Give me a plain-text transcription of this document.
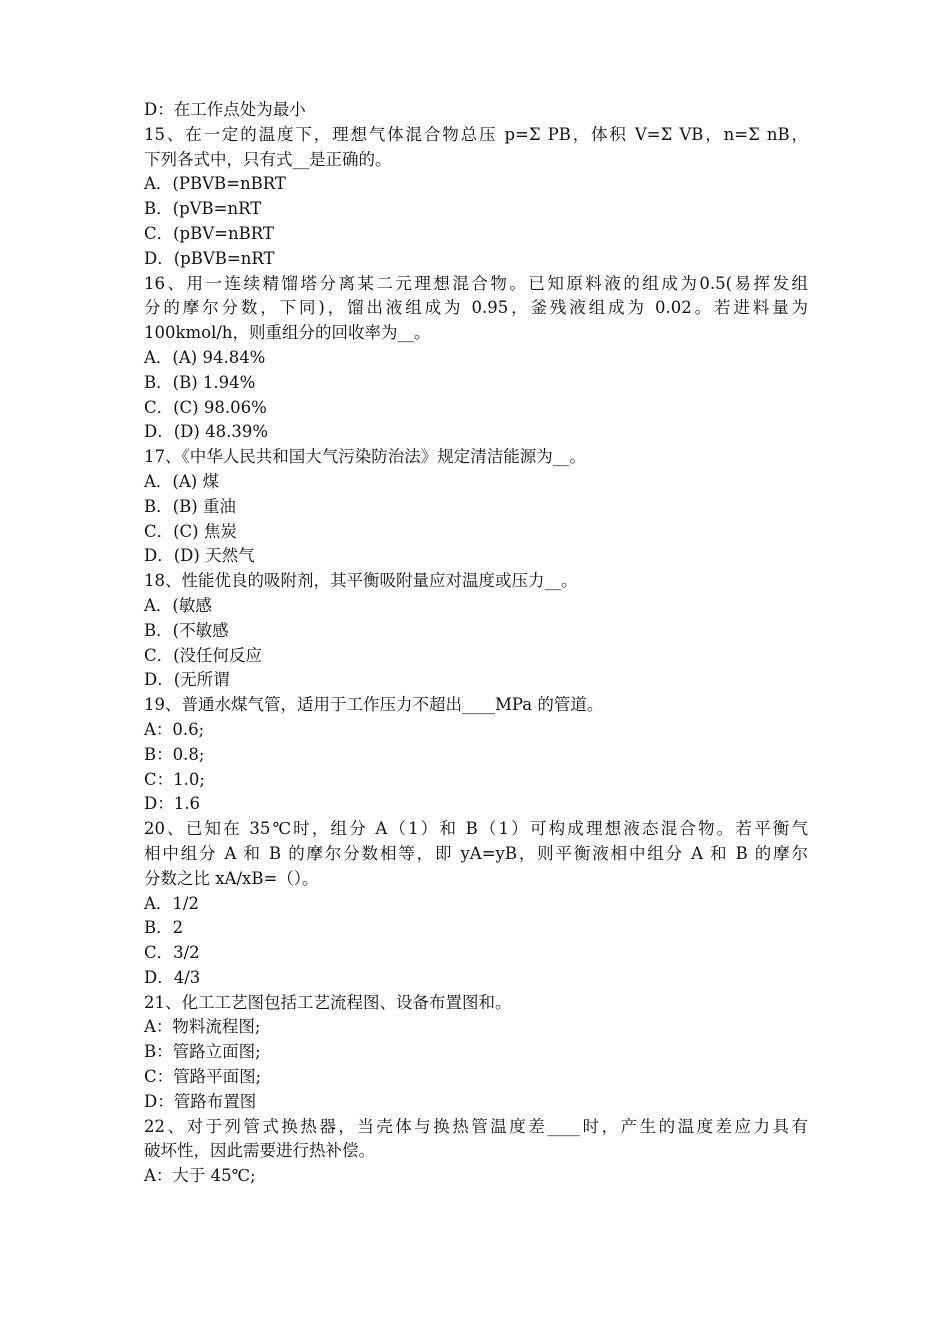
D：在工作点处为最小
15、在一定的温度下，理想气体混合物总压 p=Σ PB，体积 V=Σ VB，n=Σ nB，
下列各式中，只有式__是正确的。
A．(PBVB=nBRT
B．(pVB=nRT
C．(pBV=nBRT
D．(pBVB=nRT
16、用一连续精馏塔分离某二元理想混合物。已知原料液的组成为0.5(易挥发组
分的摩尔分数，下同)，馏出液组成为 0.95，釜残液组成为 0.02。若进料量为
100kmol/h，则重组分的回收率为__。
A．(A) 94.84%
B．(B) 1.94%
C．(C) 98.06%
D．(D) 48.39%
17、《中华人民共和国大气污染防治法》规定清洁能源为__。
A．(A) 煤
B．(B) 重油
C．(C) 焦炭
D．(D) 天然气
18、性能优良的吸附剂，其平衡吸附量应对温度或压力__。
A．(敏感
B．(不敏感
C．(没任何反应
D．(无所谓
19、普通水煤气管，适用于工作压力不超出____MPa 的管道。
A：0.6;
B：0.8;
C：1.0;
D：1.6
20、已知在 35℃时，组分 A（1）和 B（1）可构成理想液态混合物。若平衡气
相中组分 A 和 B 的摩尔分数相等，即 yA=yB，则平衡液相中组分 A 和 B 的摩尔
分数之比 xA/xB=（）。
A．1/2
B．2
C．3/2
D．4/3
21、化工工艺图包括工艺流程图、设备布置图和。
A：物料流程图;
B：管路立面图;
C：管路平面图;
D：管路布置图
22、对于列管式换热器，当壳体与换热管温度差____时，产生的温度差应力具有
破坏性，因此需要进行热补偿。
A：大于 45℃;
